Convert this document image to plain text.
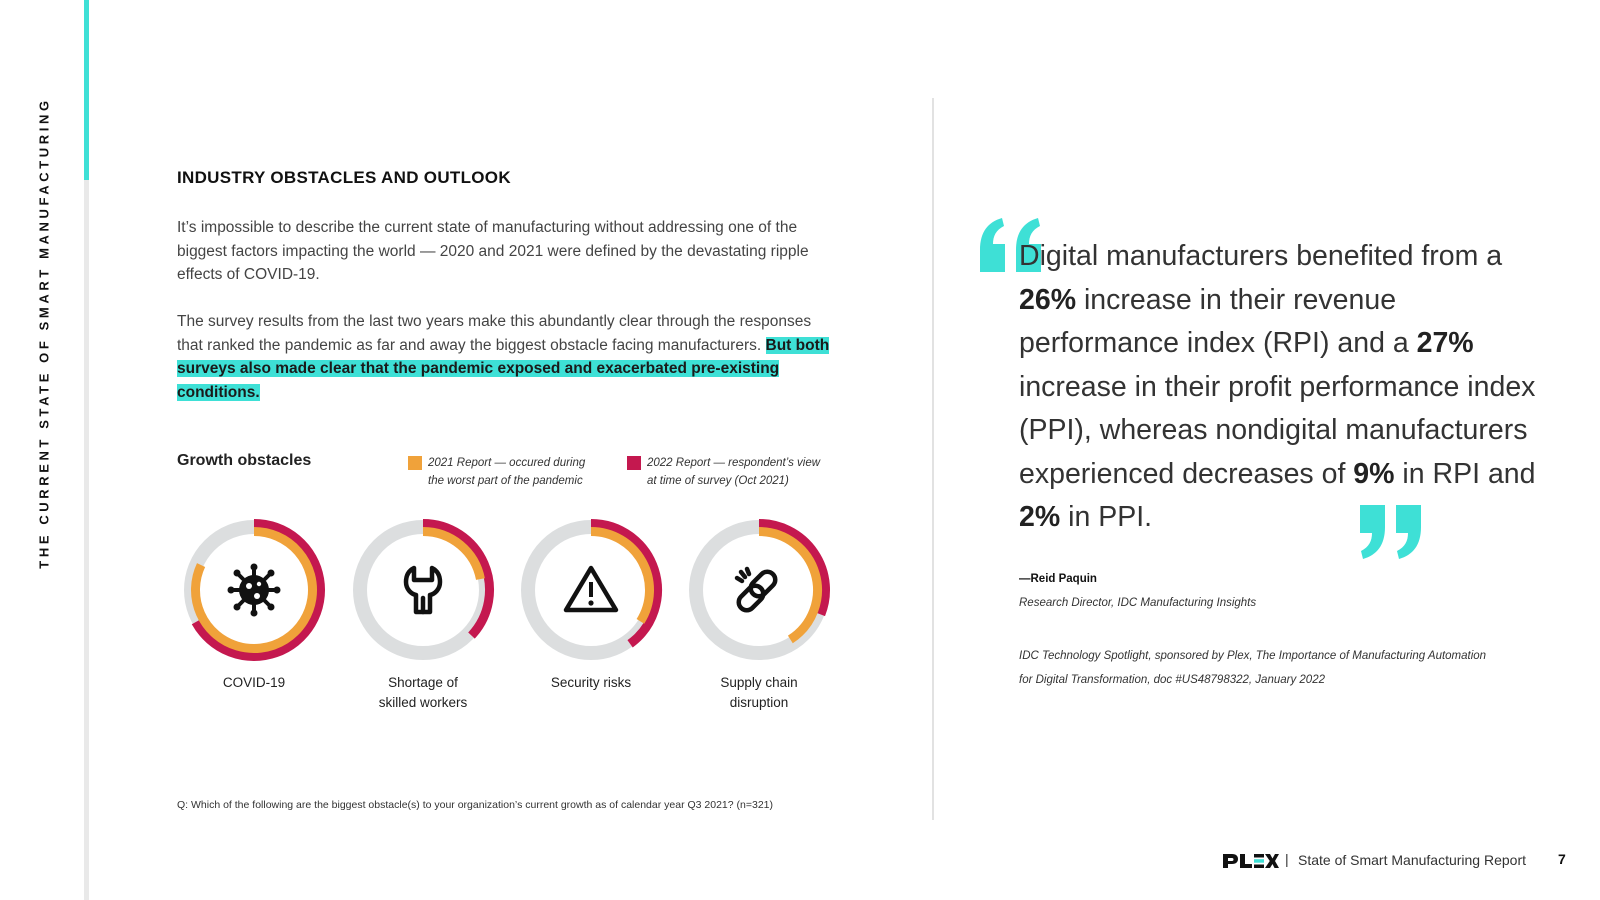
THE CURRENT STATE OF SMART MANUFACTURING	INDUSTRY OBSTACLES AND OUTLOOK

It’s impossible to describe the current state of manufacturing without addressing one of the biggest factors impacting the world — 2020 and 2021 were defined by the devastating ripple effects of COVID-19.

The survey results from the last two years make this abundantly clear through the responses that ranked the pandemic as far and away the biggest obstacle facing manufacturers. But both surveys also made clear that the pandemic exposed and exacerbated pre-existing conditions.

Growth obstacles	2021 Report — occured during
the worst part of the pandemic
2022 Report — respondent’s view
at time of survey (Oct 2021)
COVID-19	Shortage of
skilled workers
Security risks	Supply chain
disruption
Q: Which of the following are the biggest obstacle(s) to your organization’s current growth as of calendar year Q3 2021? (n=321)

Digital manufacturers benefited from a 26% increase in their revenue performance index (RPI) and a 27% increase in their profit performance index (PPI), whereas nondigital manufacturers experienced decreases of 9% in RPI and 2% in PPI.

—Reid Paquin
Research Director, IDC Manufacturing Insights

IDC Technology Spotlight, sponsored by Plex, The Importance of Manufacturing Automation for Digital Transformation, doc #US48798322, January 2022

| State of Smart Manufacturing Report 7
